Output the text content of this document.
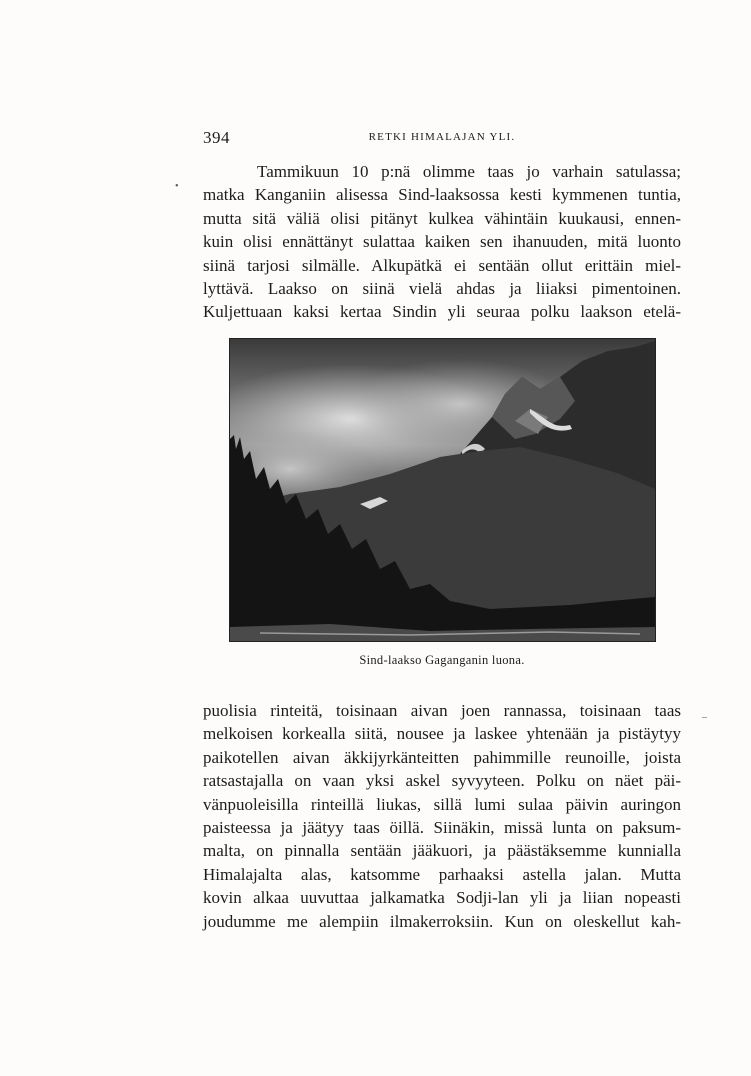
394	RETKI HIMALAJAN YLI.
•
–
Tammikuun 10 p:nä olimme taas jo varhain satulassa;
matka Kanganiin alisessa Sind-laaksossa kesti kymmenen tuntia,
mutta sitä väliä olisi pitänyt kulkea vähintäin kuukausi, ennen-
kuin olisi ennättänyt sulattaa kaiken sen ihanuuden, mitä luonto
siinä tarjosi silmälle. Alkupätkä ei sentään ollut erittäin miel-
lyttävä. Laakso on siinä vielä ahdas ja liiaksi pimentoinen.
Kuljettuaan kaksi kertaa Sindin yli seuraa polku laakson etelä-
Sind-laakso Gaganganin luona.
puolisia rinteitä, toisinaan aivan joen rannassa, toisinaan taas
melkoisen korkealla siitä, nousee ja laskee yhtenään ja pistäytyy
paikotellen aivan äkkijyrkänteitten pahimmille reunoille, joista
ratsastajalla on vaan yksi askel syvyyteen. Polku on näet päi-
vänpuoleisilla rinteillä liukas, sillä lumi sulaa päivin auringon
paisteessa ja jäätyy taas öillä. Siinäkin, missä lunta on paksum-
malta, on pinnalla sentään jääkuori, ja päästäksemme kunnialla
Himalajalta alas, katsomme parhaaksi astella jalan. Mutta
kovin alkaa uuvuttaa jalkamatka Sodji-lan yli ja liian nopeasti
joudumme me alempiin ilmakerroksiin. Kun on oleskellut kah-
